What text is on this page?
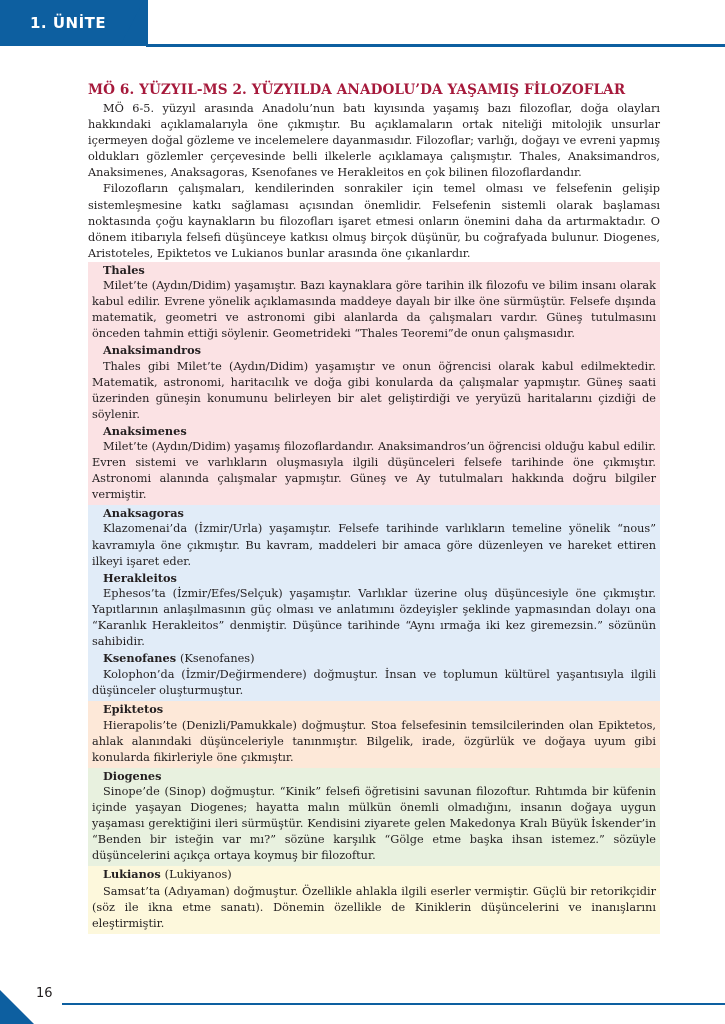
1. ÜNİTE
MÖ 6. YÜZYIL-MS 2. YÜZYILDA ANADOLU’DA YAŞAMIŞ FİLOZOFLAR

MÖ 6-5. yüzyıl arasında Anadolu’nun batı kıyısında yaşamış bazı filozoflar, doğa olayları hakkındaki açıklamalarıyla öne çıkmıştır. Bu açıklamaların ortak niteliği mitolojik unsurlar içermeyen doğal gözleme ve incelemelere dayanmasıdır. Filozoflar; varlığı, doğayı ve evreni yapmış oldukları gözlemler çerçevesinde belli ilkelerle açıklamaya çalışmıştır. Thales, Anaksimandros, Anaksimenes, Anaksagoras, Ksenofanes ve Herakleitos en çok bilinen filozoflardandır.

Filozofların çalışmaları, kendilerinden sonrakiler için temel olması ve felsefenin gelişip sistemleşmesine katkı sağlaması açısından önemlidir. Felsefenin sistemli olarak başlaması noktasında çoğu kaynakların bu filozofları işaret etmesi onların önemini daha da artırmaktadır. O dönem itibarıyla felsefi düşünceye katkısı olmuş birçok düşünür, bu coğrafyada bulunur. Diogenes, Aristoteles, Epiktetos ve Lukianos bunlar arasında öne çıkanlardır.

Thales
Milet’te (Aydın/Didim) yaşamıştır. Bazı kaynaklara göre tarihin ilk filozofu ve bilim insanı olarak kabul edilir. Evrene yönelik açıklamasında maddeye dayalı bir ilke öne sürmüştür. Felsefe dışında matematik, geometri ve astronomi gibi alanlarda da çalışmaları vardır. Güneş tutulmasını önceden tahmin ettiği söylenir. Geometrideki “Thales Teoremi”de onun çalışmasıdır.
Anaksimandros
Thales gibi Milet’te (Aydın/Didim) yaşamıştır ve onun öğrencisi olarak kabul edilmektedir. Matematik, astronomi, haritacılık ve doğa gibi konularda da çalışmalar yapmıştır. Güneş saati üzerinden güneşin konumunu belirleyen bir alet geliştirdiği ve yeryüzü haritalarını çizdiği de söylenir.
Anaksimenes
Milet’te (Aydın/Didim) yaşamış filozoflardandır. Anaksimandros’un öğrencisi olduğu kabul edilir. Evren sistemi ve varlıkların oluşmasıyla ilgili düşünceleri felsefe tarihinde öne çıkmıştır. Astronomi alanında çalışmalar yapmıştır. Güneş ve Ay tutulmaları hakkında doğru bilgiler vermiştir.
Anaksagoras
Klazomenai’da (İzmir/Urla) yaşamıştır. Felsefe tarihinde varlıkların temeline yönelik “nous” kavramıyla öne çıkmıştır. Bu kavram, maddeleri bir amaca göre düzenleyen ve hareket ettiren ilkeyi işaret eder.
Herakleitos
Ephesos’ta (İzmir/Efes/Selçuk) yaşamıştır. Varlıklar üzerine oluş düşüncesiyle öne çıkmıştır. Yapıtlarının anlaşılmasının güç olması ve anlatımını özdeyişler şeklinde yapmasından dolayı ona “Karanlık Herakleitos” denmiştir. Düşünce tarihinde “Aynı ırmağa iki kez giremezsin.” sözünün sahibidir.
Ksenofanes (Ksenofanes)
Kolophon’da (İzmir/Değirmendere) doğmuştur. İnsan ve toplumun kültürel yaşantısıyla ilgili düşünceler oluşturmuştur.
Epiktetos
Hierapolis’te (Denizli/Pamukkale) doğmuştur. Stoa felsefesinin temsilcilerinden olan Epiktetos, ahlak alanındaki düşünceleriyle tanınmıştır. Bilgelik, irade, özgürlük ve doğaya uyum gibi konularda fikirleriyle öne çıkmıştır.
Diogenes
Sinope’de (Sinop) doğmuştur. “Kinik” felsefi öğretisini savunan filozoftur. Rıhtımda bir küfenin içinde yaşayan Diogenes; hayatta malın mülkün önemli olmadığını, insanın doğaya uygun yaşaması gerektiğini ileri sürmüştür. Kendisini ziyarete gelen Makedonya Kralı Büyük İskender’in “Benden bir isteğin var mı?” sözüne karşılık “Gölge etme başka ihsan istemez.” sözüyle düşüncelerini açıkça ortaya koymuş bir filozoftur.
Lukianos (Lukiyanos)
Samsat’ta (Adıyaman) doğmuştur. Özellikle ahlakla ilgili eserler vermiştir. Güçlü bir retorikçidir (söz ile ikna etme sanatı). Dönemin özellikle de Kiniklerin düşüncelerini ve inanışlarını eleştirmiştir.
16
